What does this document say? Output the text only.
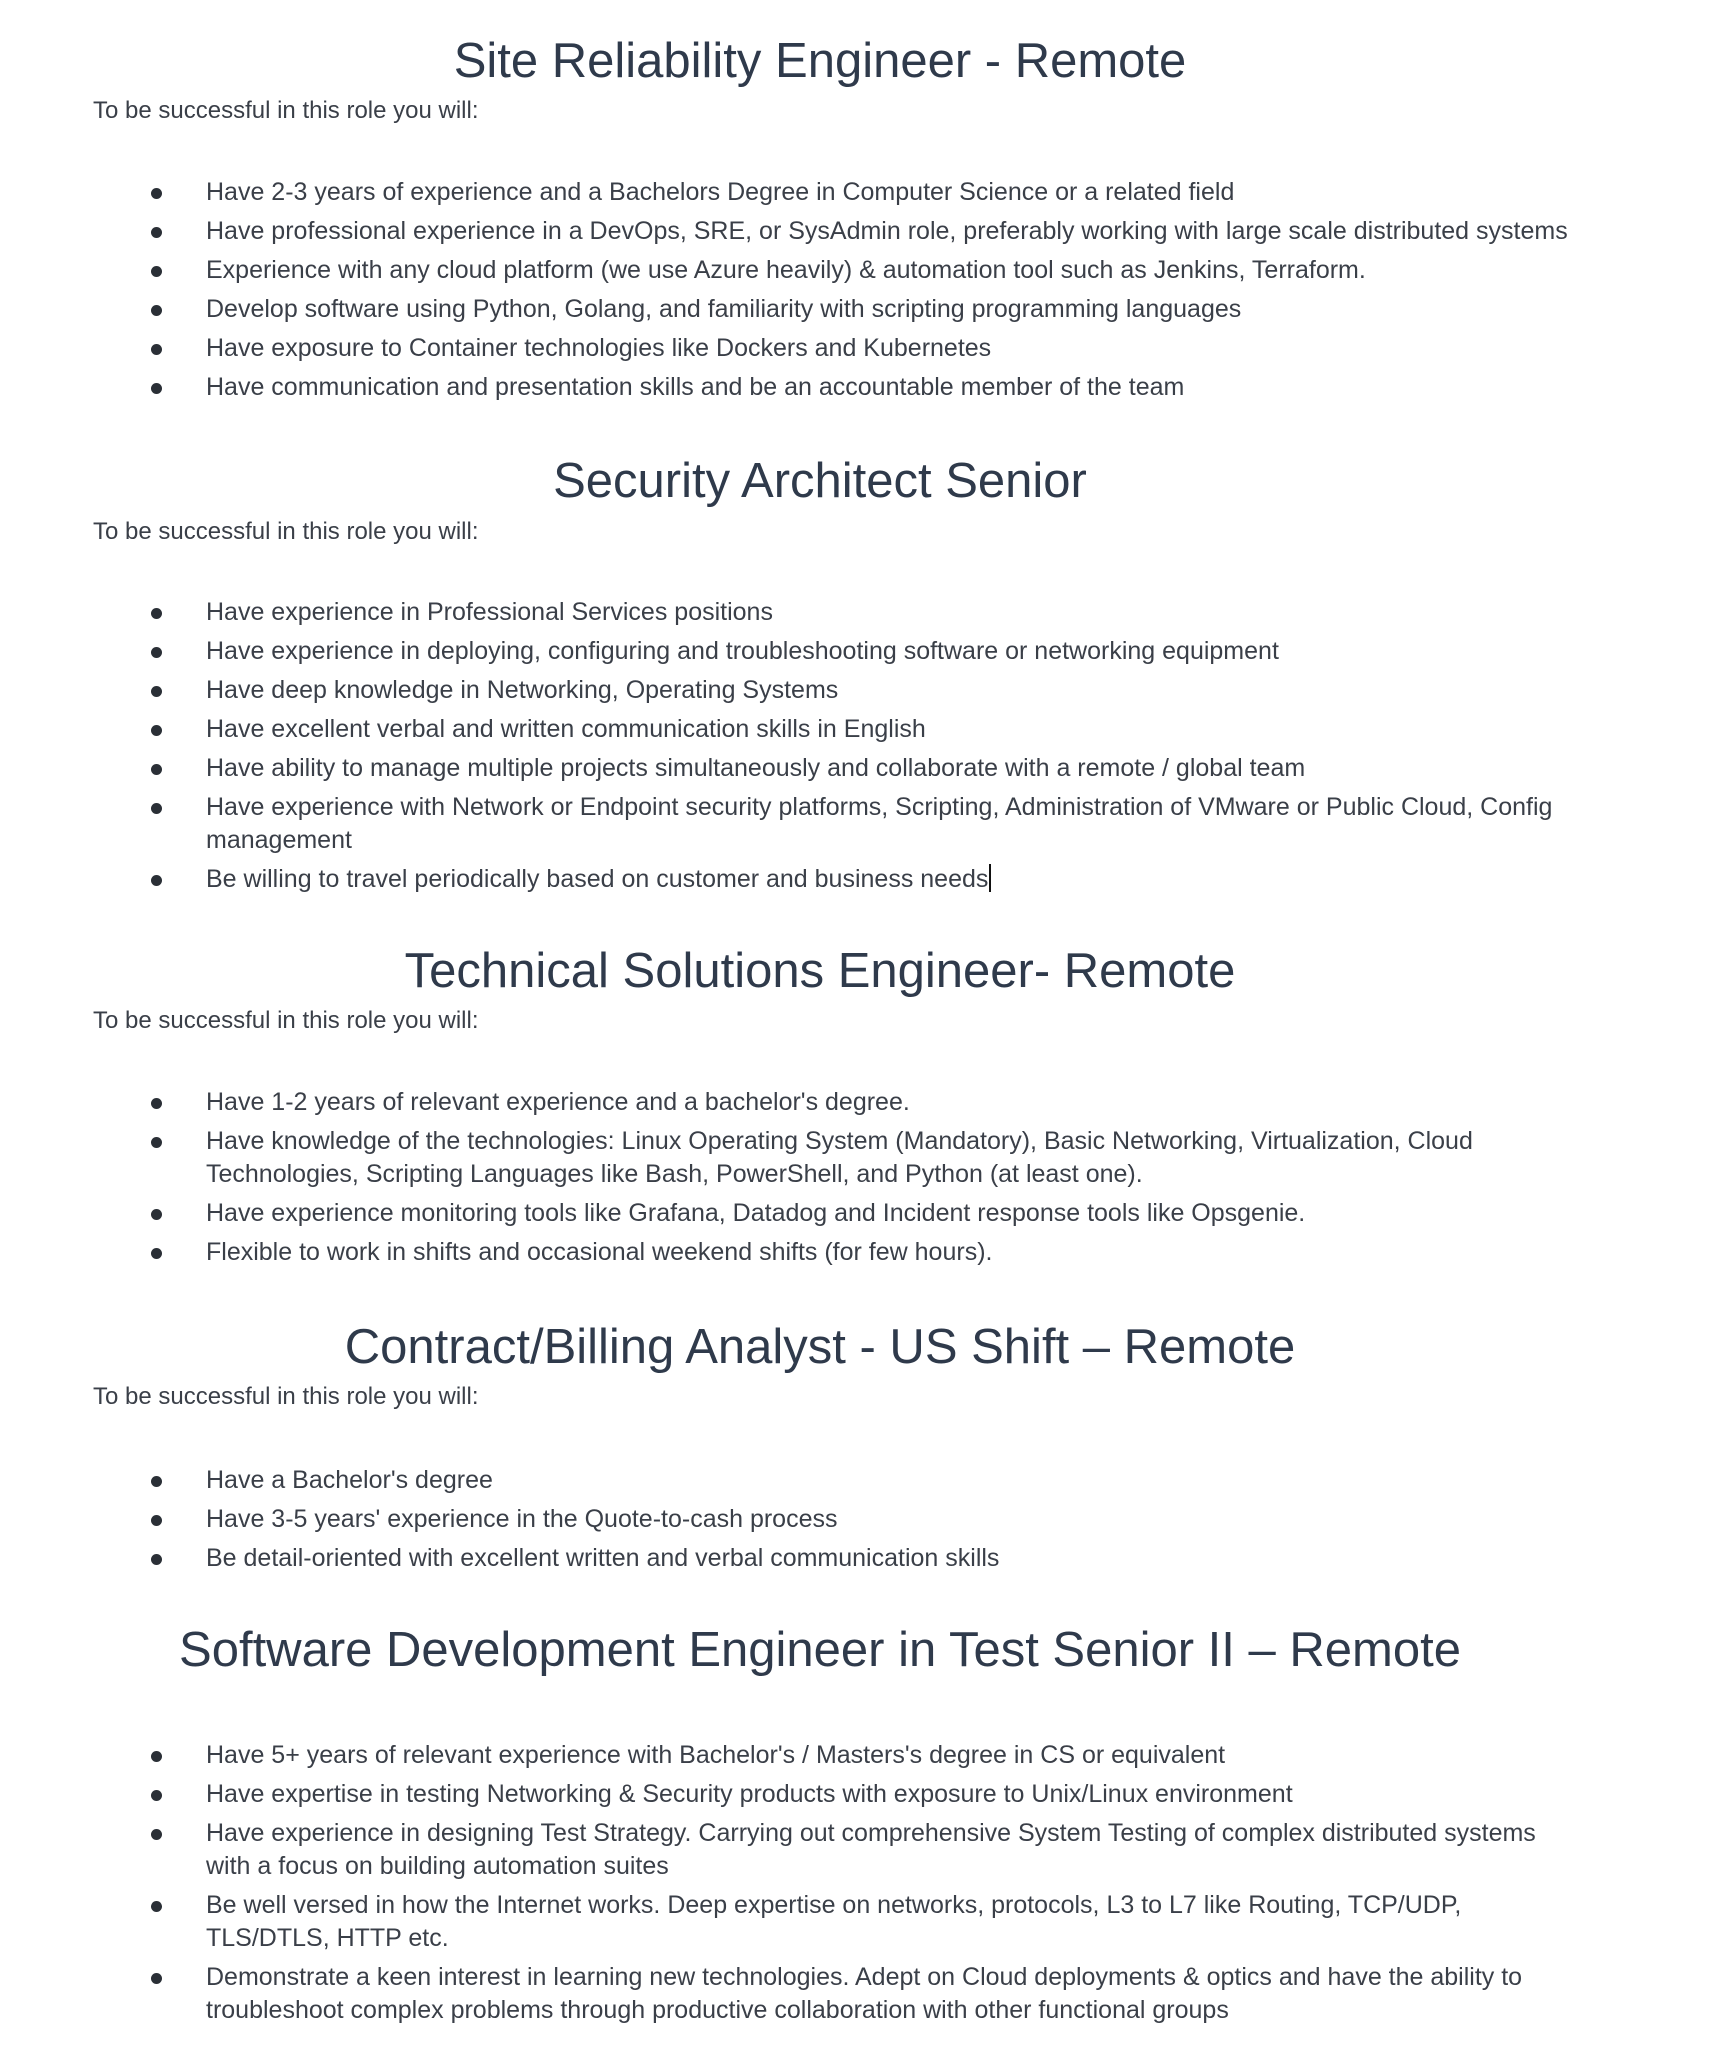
Site Reliability Engineer - Remote

To be successful in this role you will:

Have 2-3 years of experience and a Bachelors Degree in Computer Science or a related field
Have professional experience in a DevOps, SRE, or SysAdmin role, preferably working with large scale distributed systems
Experience with any cloud platform (we use Azure heavily) & automation tool such as Jenkins, Terraform.
Develop software using Python, Golang, and familiarity with scripting programming languages
Have exposure to Container technologies like Dockers and Kubernetes
Have communication and presentation skills and be an accountable member of the team
Security Architect Senior

To be successful in this role you will:

Have experience in Professional Services positions
Have experience in deploying, configuring and troubleshooting software or networking equipment
Have deep knowledge in Networking, Operating Systems
Have excellent verbal and written communication skills in English
Have ability to manage multiple projects simultaneously and collaborate with a remote / global team
Have experience with Network or Endpoint security platforms, Scripting, Administration of VMware or Public Cloud, Config management
Be willing to travel periodically based on customer and business needs
Technical Solutions Engineer- Remote

To be successful in this role you will:

Have 1-2 years of relevant experience and a bachelor's degree.
Have knowledge of the technologies: Linux Operating System (Mandatory), Basic Networking, Virtualization, Cloud Technologies, Scripting Languages like Bash, PowerShell, and Python (at least one).
Have experience monitoring tools like Grafana, Datadog and Incident response tools like Opsgenie.
Flexible to work in shifts and occasional weekend shifts (for few hours).
Contract/Billing Analyst - US Shift – Remote

To be successful in this role you will:

Have a Bachelor's degree
Have 3-5 years' experience in the Quote-to-cash process
Be detail-oriented with excellent written and verbal communication skills
Software Development Engineer in Test Senior II – Remote
Have 5+ years of relevant experience with Bachelor's / Masters's degree in CS or equivalent
Have expertise in testing Networking & Security products with exposure to Unix/Linux environment
Have experience in designing Test Strategy. Carrying out comprehensive System Testing of complex distributed systems with a focus on building automation suites
Be well versed in how the Internet works. Deep expertise on networks, protocols, L3 to L7 like Routing, TCP/UDP, TLS/DTLS, HTTP etc.
Demonstrate a keen interest in learning new technologies. Adept on Cloud deployments & optics and have the ability to troubleshoot complex problems through productive collaboration with other functional groups
